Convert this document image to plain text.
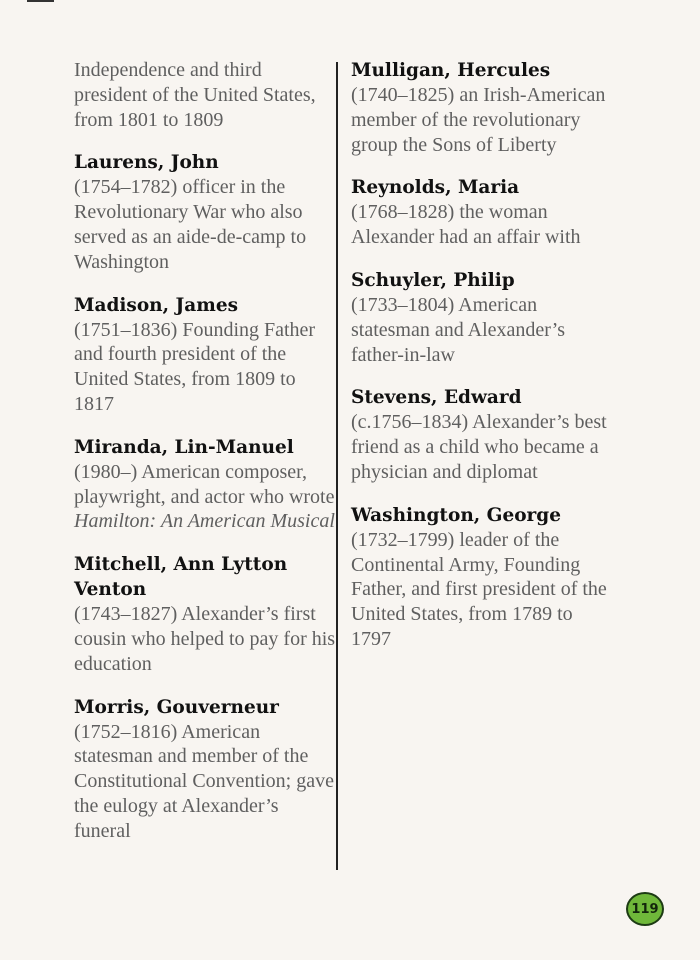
Independence and third president of the United States, from 1801 to 1809
Laurens, John
(1754–1782) officer in the Revolutionary War who also served as an aide-de-camp to Washington
Madison, James
(1751–1836) Founding Father and fourth president of the United States, from 1809 to 1817
Miranda, Lin-Manuel
(1980–) American composer, playwright, and actor who wrote Hamilton: An American Musical
Mitchell, Ann Lytton Venton
(1743–1827) Alexander’s first cousin who helped to pay for his education
Morris, Gouverneur
(1752–1816) American statesman and member of the Constitutional Convention; gave the eulogy at Alexander’s funeral
Mulligan, Hercules
(1740–1825) an Irish-American member of the revolutionary group the Sons of Liberty
Reynolds, Maria
(1768–1828) the woman Alexander had an affair with
Schuyler, Philip
(1733–1804) American statesman and Alexander’s father-in-law
Stevens, Edward
(c.1756–1834) Alexander’s best friend as a child who became a physician and diplomat
Washington, George
(1732–1799) leader of the Continental Army, Founding Father, and first president of the United States, from 1789 to 1797
119
